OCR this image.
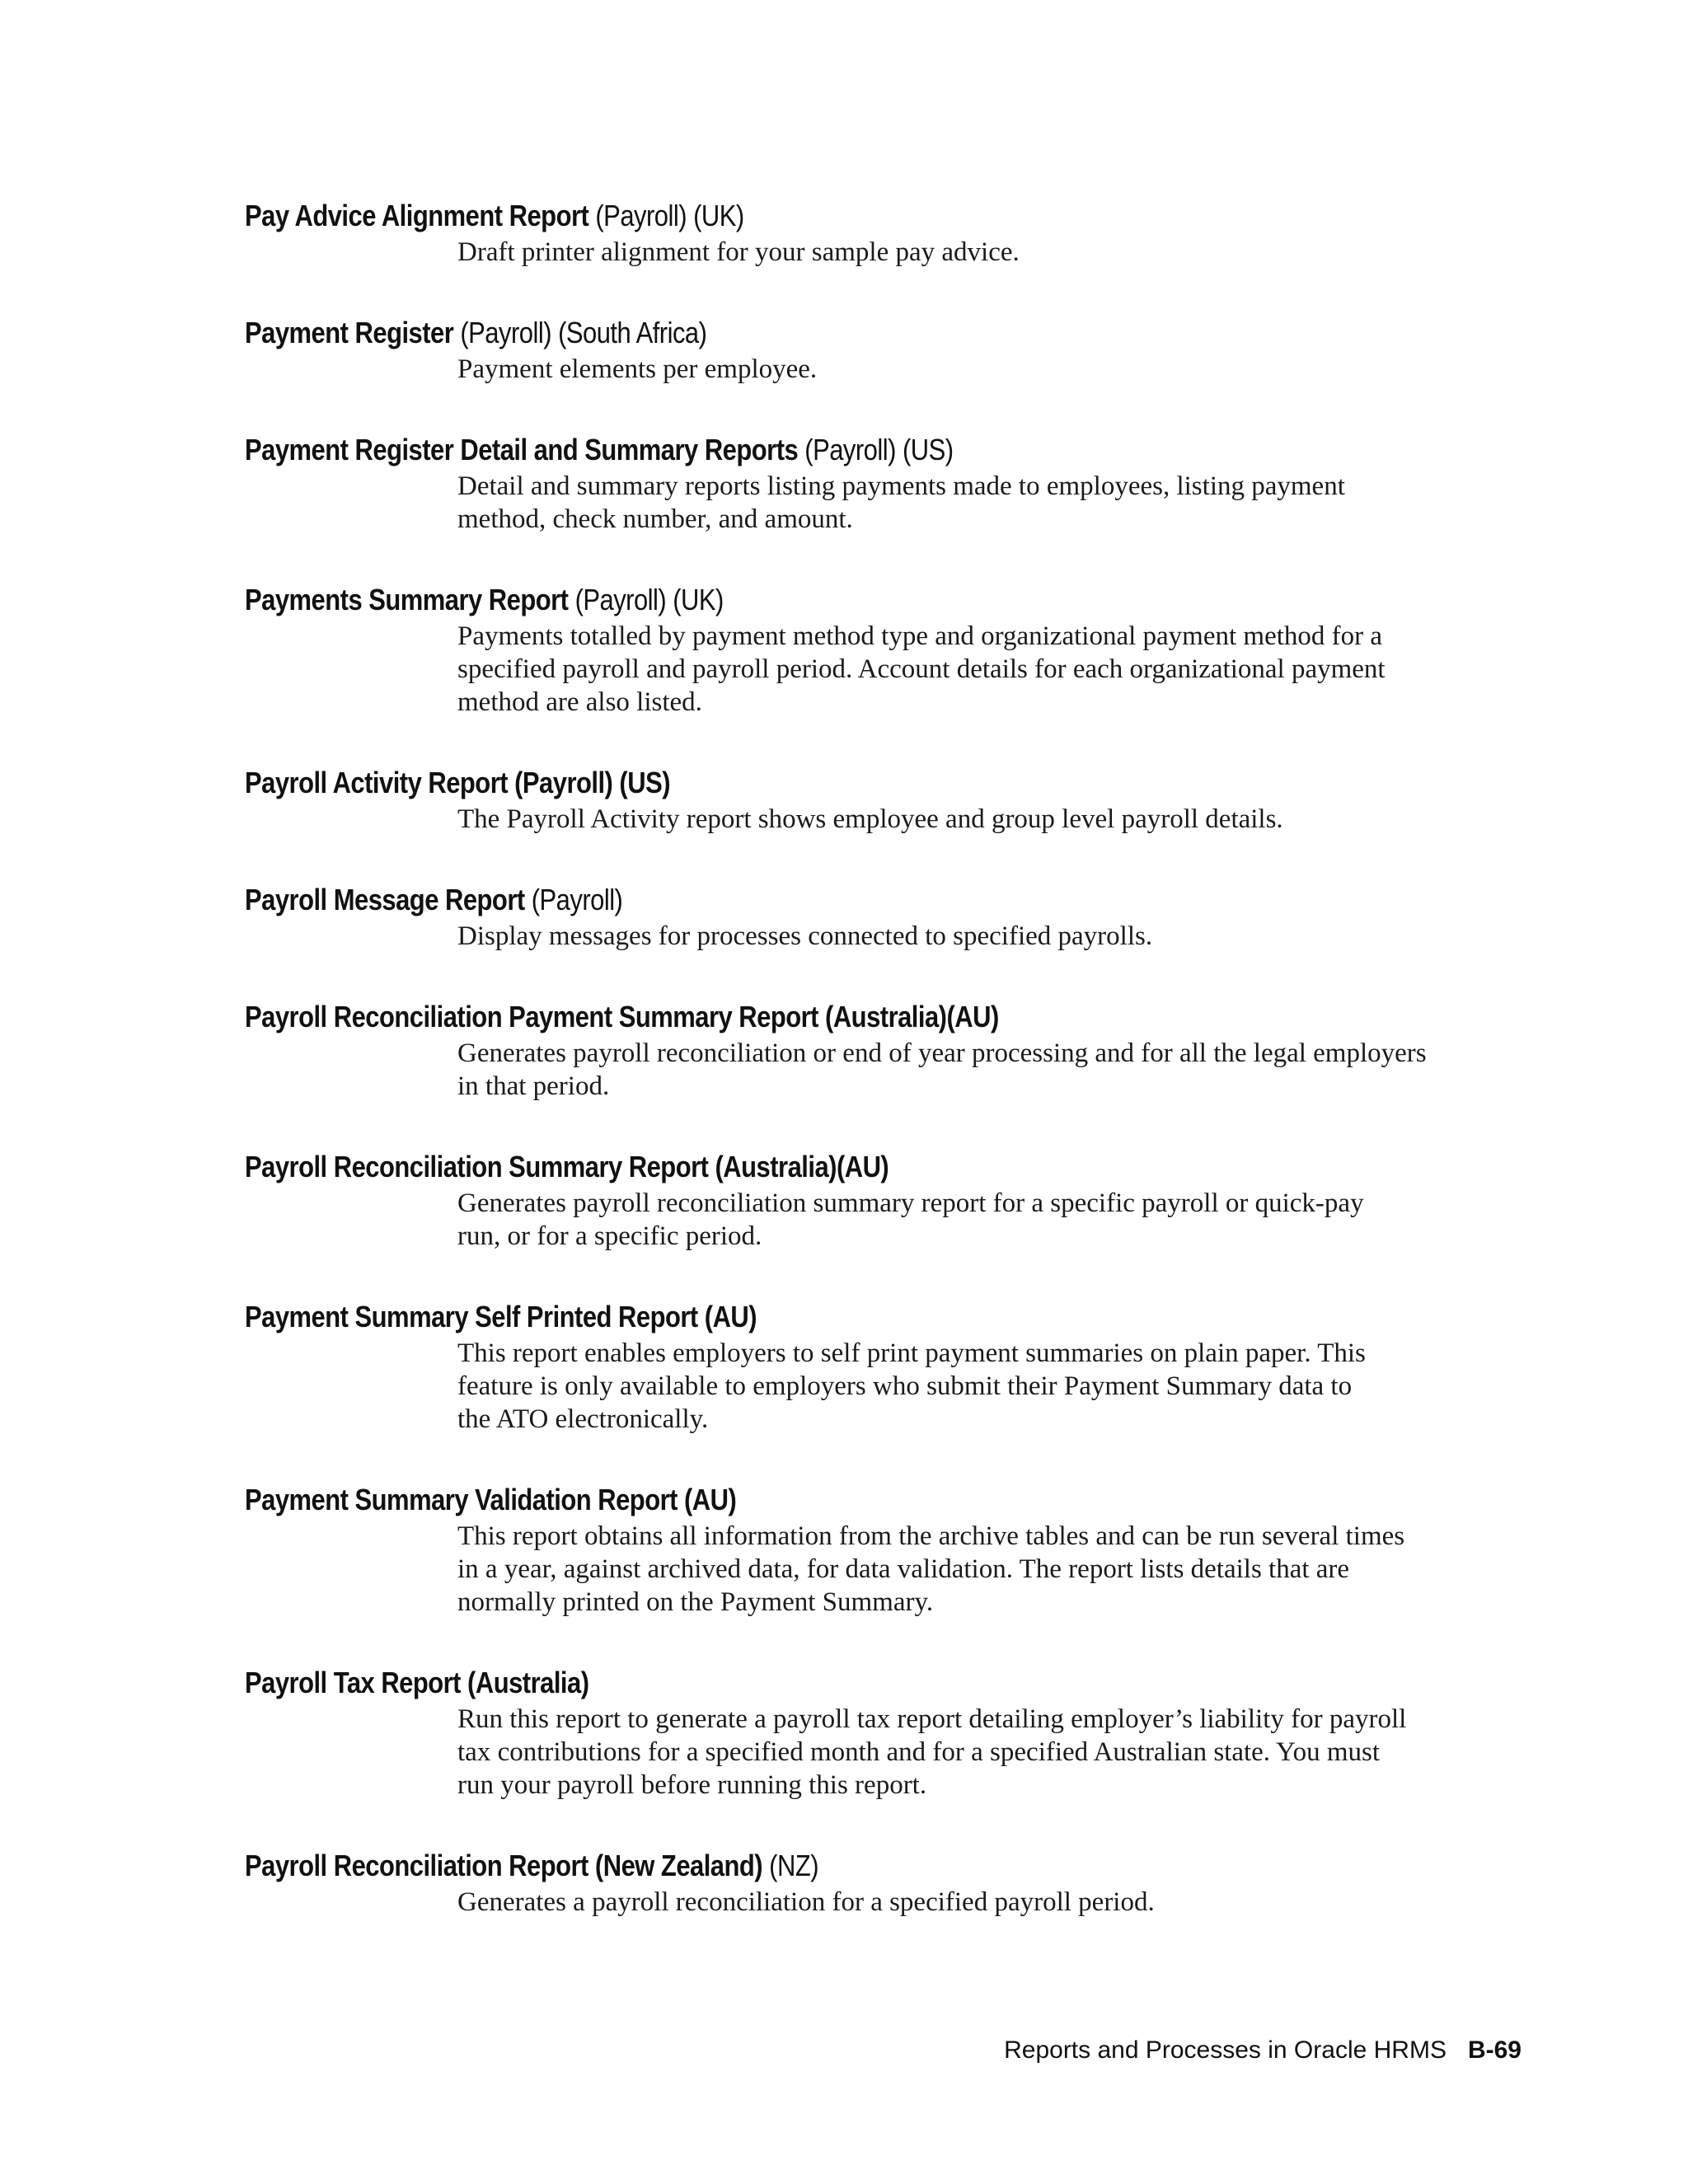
Pay Advice Alignment Report (Payroll) (UK)

Draft printer alignment for your sample pay advice.

Payment Register (Payroll) (South Africa)

Payment elements per employee.

Payment Register Detail and Summary Reports (Payroll) (US)

Detail and summary reports listing payments made to employees, listing payment

method, check number, and amount.

Payments Summary Report (Payroll) (UK)

Payments totalled by payment method type and organizational payment method for a

specified payroll and payroll period. Account details for each organizational payment

method are also listed.

Payroll Activity Report (Payroll) (US)

The Payroll Activity report shows employee and group level payroll details.

Payroll Message Report (Payroll)

Display messages for processes connected to specified payrolls.

Payroll Reconciliation Payment Summary Report (Australia)(AU)

Generates payroll reconciliation or end of year processing and for all the legal employers

in that period.

Payroll Reconciliation Summary Report (Australia)(AU)

Generates payroll reconciliation summary report for a specific payroll or quick-pay

run, or for a specific period.

Payment Summary Self Printed Report (AU)

This report enables employers to self print payment summaries on plain paper. This

feature is only available to employers who submit their Payment Summary data to

the ATO electronically.

Payment Summary Validation Report (AU)

This report obtains all information from the archive tables and can be run several times

in a year, against archived data, for data validation. The report lists details that are

normally printed on the Payment Summary.

Payroll Tax Report (Australia)

Run this report to generate a payroll tax report detailing employer’s liability for payroll

tax contributions for a specified month and for a specified Australian state. You must

run your payroll before running this report.

Payroll Reconciliation Report (New Zealand) (NZ)

Generates a payroll reconciliation for a specified payroll period.

Reports and Processes in Oracle HRMS B-69
